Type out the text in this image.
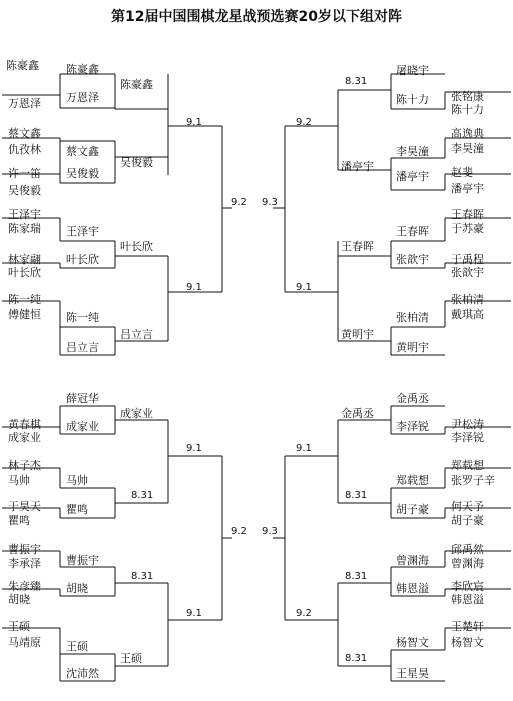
第12届中国围棋龙星战预选赛20岁以下组对阵
陈豪鑫
万恩泽
陈豪鑫
万恩泽
陈豪鑫
蔡文鑫
仇孜林
许一笛
吴俊毅
蔡文鑫
吴俊毅
吴俊毅
王泽宇
陈家瑞
林家翮
叶长欣
王泽宇
叶长欣
叶长欣
陈一纯
傅健恒 陈一纯
吕立言
吕立言
屠晓宇
陈十力 张铭康
陈十力
高逸典
李昊潼
李昊潼
潘亭宇 赵斐
潘亭宇
潘亭宇
王春晖
于苏豪
王春晖
张歆宇 于禹程
张歆宇
王春晖
张柏清
戴琪高
张柏清
黄明宇
黄明宇
薛冠华
成家业
成家业
黄春棋
成家业
林子杰
马帅	马帅
于昊天
瞿鸣
瞿鸣
曹振宇
李承泽 曹振宇
胡晓
朱彦臻
胡晓
王硕
马靖原 王硕
沈沛然
王硕
金禹丞
李泽锐
金禹丞
尹松涛
李泽锐
郑载想
张罗子辛
郑载想
胡子豪 何天予
胡子豪
邱禹然
曾渊海
曾渊海
韩恩溢 李欣宸
韩恩溢
王楚轩
杨智文
杨智文
王星昊
9.1
9.1
9.2 9.3
8.31
9.2
9.1
9.1
8.31
8.31
9.1
9.2 9.3
9.1
8.31
8.31
9.2
8.31
